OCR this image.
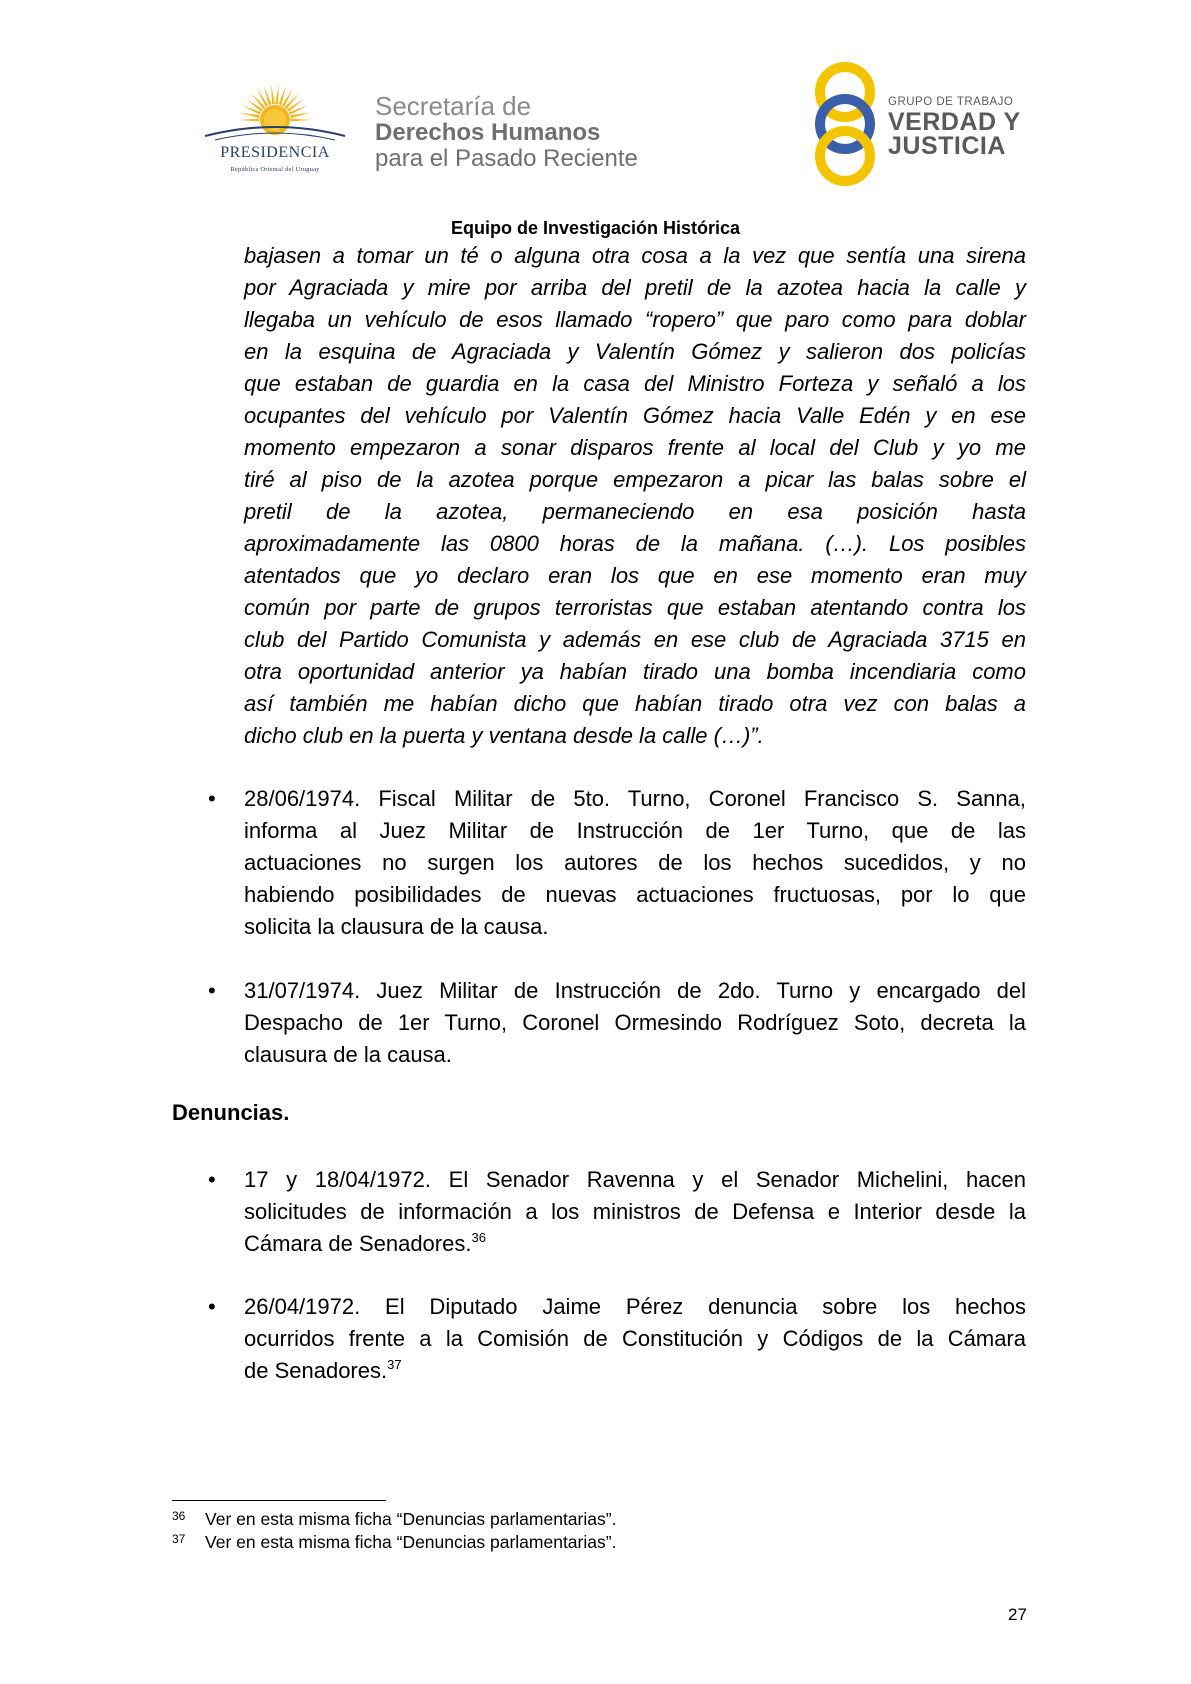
PRESIDENCIA
República Oriental del Uruguay
Secretaría de
Derechos Humanos
para el Pasado Reciente
GRUPO DE TRABAJO
VERDAD Y
JUSTICIA
Equipo de Investigación Histórica
bajasen a tomar un té o alguna otra cosa a la vez que sentía una sirena
por Agraciada y mire por arriba del pretil de la azotea hacia la calle y
llegaba un vehículo de esos llamado “ropero” que paro como para doblar
en la esquina de Agraciada y Valentín Gómez y salieron dos policías
que estaban de guardia en la casa del Ministro Forteza y señaló a los
ocupantes del vehículo por Valentín Gómez hacia Valle Edén y en ese
momento empezaron a sonar disparos frente al local del Club y yo me
tiré al piso de la azotea porque empezaron a picar las balas sobre el
pretil de la azotea, permaneciendo en esa posición hasta
aproximadamente las 0800 horas de la mañana. (…). Los posibles
atentados que yo declaro eran los que en ese momento eran muy
común por parte de grupos terroristas que estaban atentando contra los
club del Partido Comunista y además en ese club de Agraciada 3715 en
otra oportunidad anterior ya habían tirado una bomba incendiaria como
así también me habían dicho que habían tirado otra vez con balas a
dicho club en la puerta y ventana desde la calle (…)”.
• 28/06/1974. Fiscal Militar de 5to. Turno, Coronel Francisco S. Sanna,
informa al Juez Militar de Instrucción de 1er Turno, que de las
actuaciones no surgen los autores de los hechos sucedidos, y no
habiendo posibilidades de nuevas actuaciones fructuosas, por lo que
solicita la clausura de la causa.
• 31/07/1974. Juez Militar de Instrucción de 2do. Turno y encargado del
Despacho de 1er Turno, Coronel Ormesindo Rodríguez Soto, decreta la
clausura de la causa.
Denuncias.
• 17 y 18/04/1972. El Senador Ravenna y el Senador Michelini, hacen
solicitudes de información a los ministros de Defensa e Interior desde la
Cámara de Senadores.$^{36}$
• 26/04/1972. El Diputado Jaime Pérez denuncia sobre los hechos
ocurridos frente a la Comisión de Constitución y Códigos de la Cámara
de Senadores.$^{37}$
36 Ver en esta misma ficha “Denuncias parlamentarias”.
37 Ver en esta misma ficha “Denuncias parlamentarias”.
27
